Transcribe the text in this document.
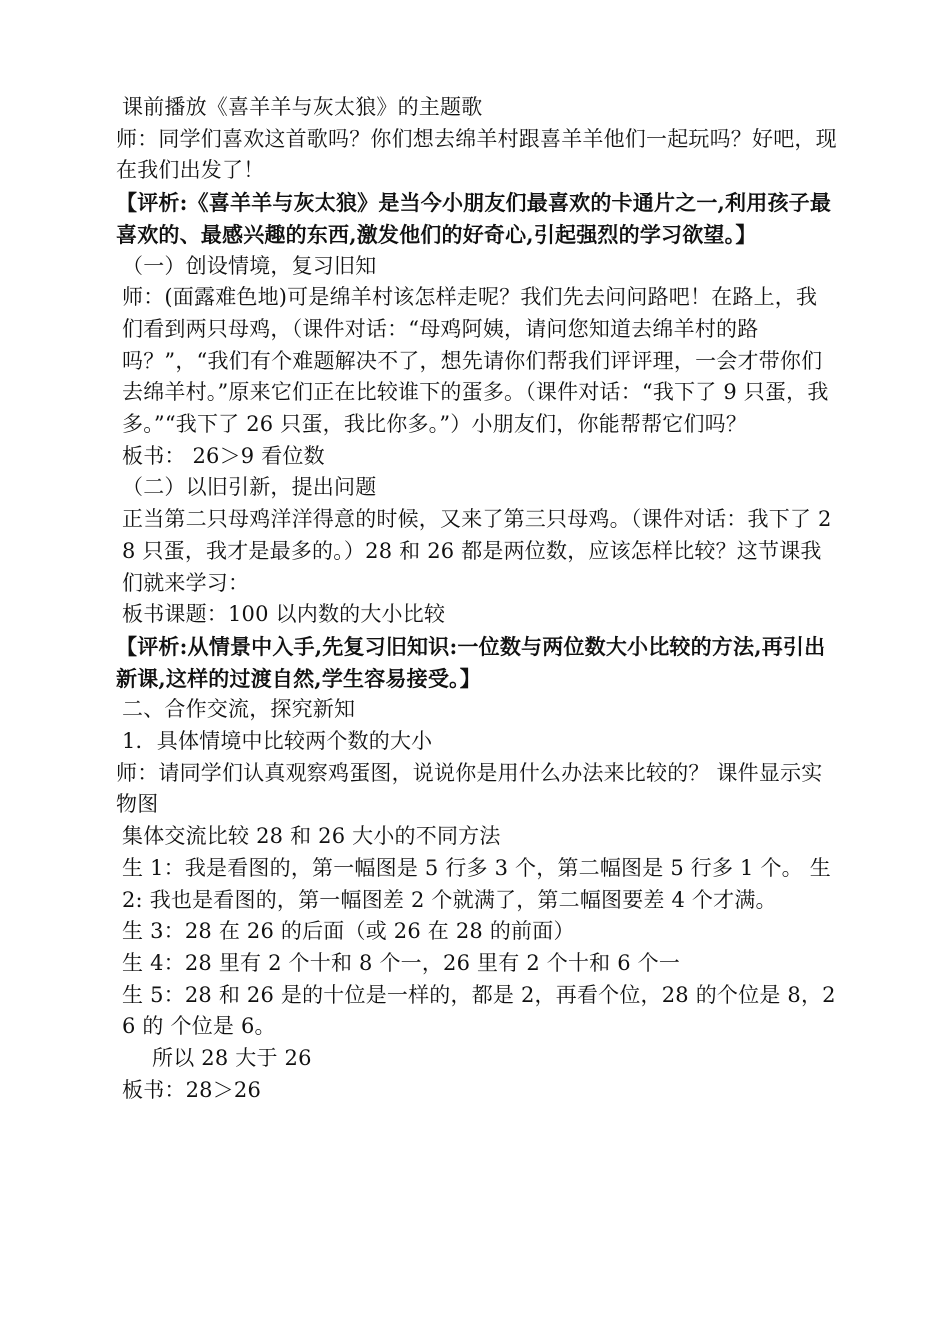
课前播放《喜羊羊与灰太狼》的主题歌

师：同学们喜欢这首歌吗？你们想去绵羊村跟喜羊羊他们一起玩吗？好吧，现在我们出发了！

【评析:《喜羊羊与灰太狼》是当今小朋友们最喜欢的卡通片之一,利用孩子最喜欢的、最感兴趣的东西,激发他们的好奇心,引起强烈的学习欲望。】

（一）创设情境，复习旧知

师：(面露难色地)可是绵羊村该怎样走呢？我们先去问问路吧！在路上，我们看到两只母鸡，（课件对话：“母鸡阿姨，请问您知道去绵羊村的路吗？”，“我们有个难题解决不了，想先请你们帮我们评评理，一会才带你们去绵羊村。”原来它们正在比较谁下的蛋多。（课件对话：“我下了 9 只蛋，我多。”“我下了 26 只蛋，我比你多。”）小朋友们，你能帮帮它们吗？

板书： 26＞9 看位数

（二）以旧引新，提出问题

正当第二只母鸡洋洋得意的时候，又来了第三只母鸡。（课件对话：我下了 28 只蛋，我才是最多的。）28 和 26 都是两位数，应该怎样比较？这节课我们就来学习：

板书课题：100 以内数的大小比较

【评析:从情景中入手,先复习旧知识:一位数与两位数大小比较的方法,再引出新课,这样的过渡自然,学生容易接受。】

二、合作交流，探究新知

1．具体情境中比较两个数的大小

师：请同学们认真观察鸡蛋图，说说你是用什么办法来比较的？ 课件显示实物图

集体交流比较 28 和 26 大小的不同方法

生 1：我是看图的，第一幅图是 5 行多 3 个，第二幅图是 5 行多 1 个。 生 2: 我也是看图的，第一幅图差 2 个就满了，第二幅图要差 4 个才满。

生 3：28 在 26 的后面（或 26 在 28 的前面）

生 4：28 里有 2 个十和 8 个一，26 里有 2 个十和 6 个一

生 5：28 和 26 是的十位是一样的，都是 2，再看个位，28 的个位是 8，26 的 个位是 6。

所以 28 大于 26

板书：28＞26
